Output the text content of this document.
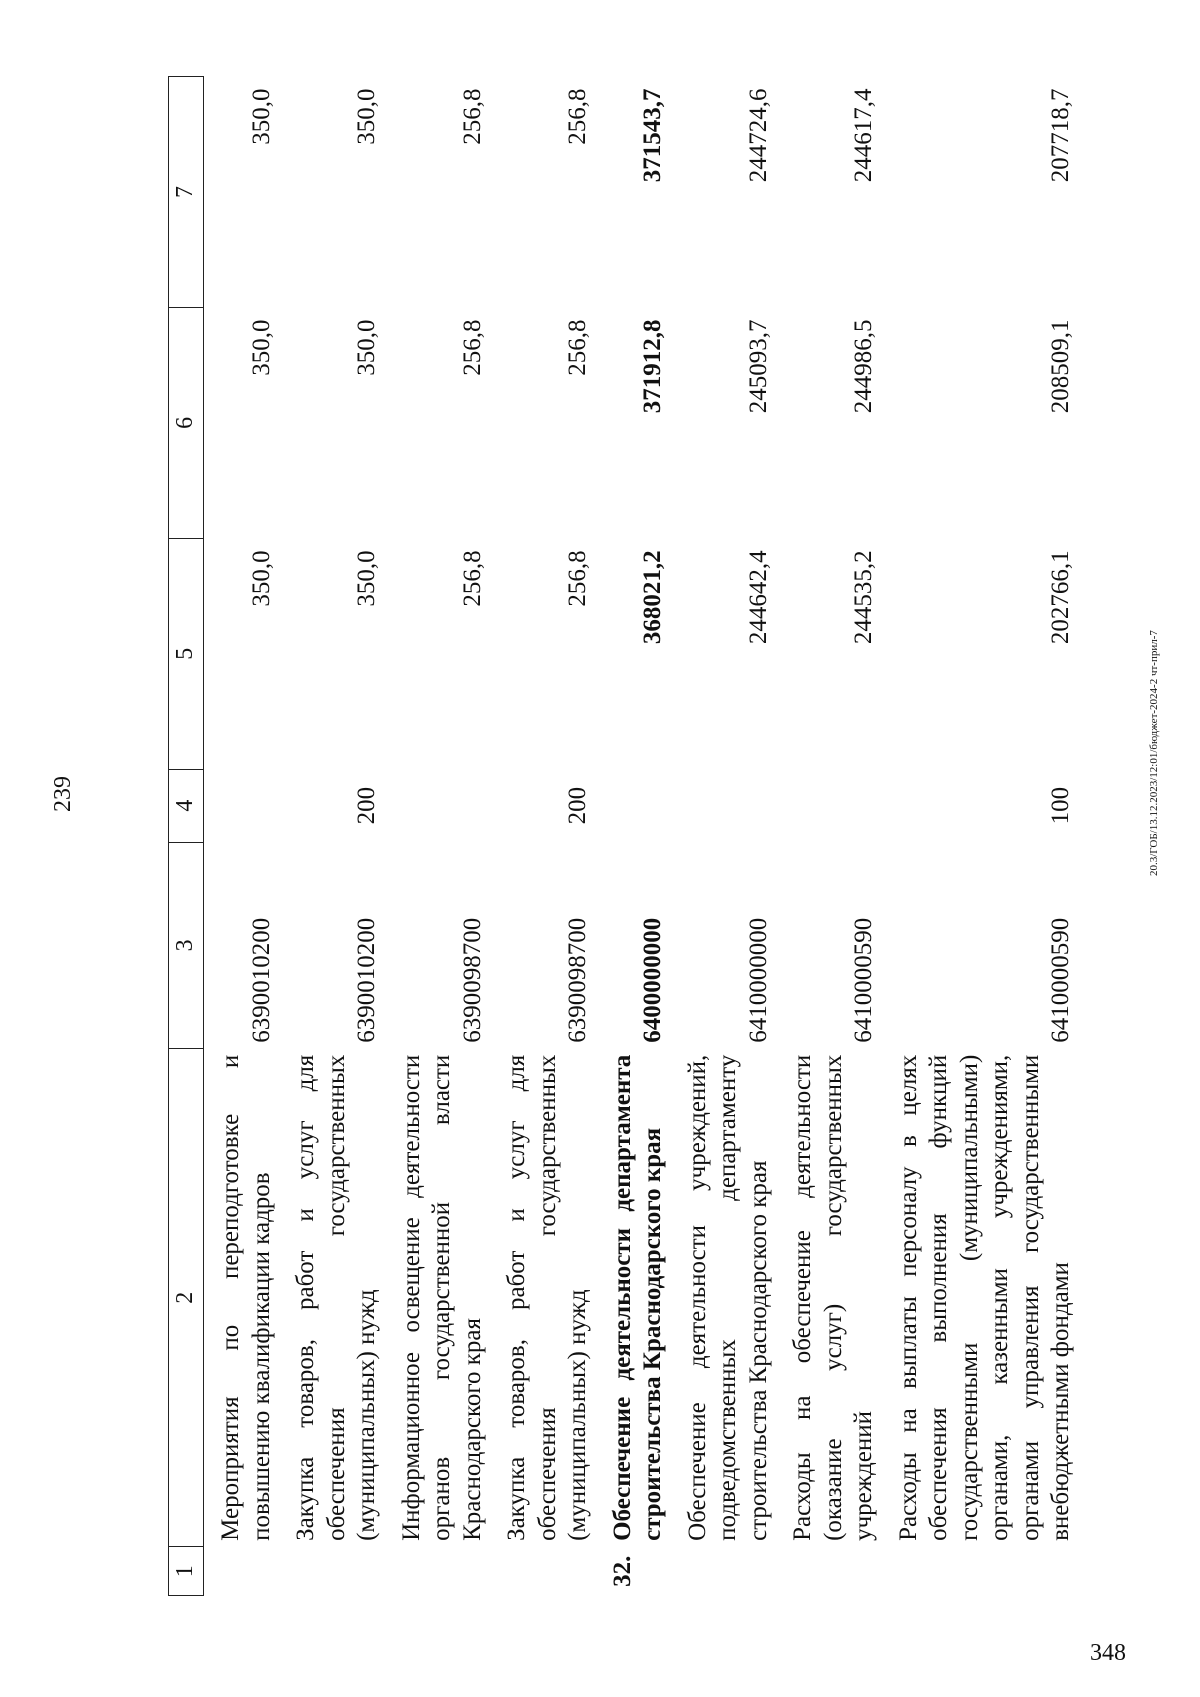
239
1	2	3	4	5	6	7
	Мероприятия по переподготовке и повышению квалификации кадров	6390010200		350,0	350,0	350,0
	Закупка товаров, работ и услуг для обеспечения государственных (муниципальных) нужд	6390010200	200	350,0	350,0	350,0
	Информационное освещение деятельности органов государственной власти Краснодарского края	6390098700		256,8	256,8	256,8
	Закупка товаров, работ и услуг для обеспечения государственных (муниципальных) нужд	6390098700	200	256,8	256,8	256,8
32.	Обеспечение деятельности департамента строительства Краснодарского края	6400000000		368021,2	371912,8	371543,7
	Обеспечение деятельности учреждений, подведомственных департаменту строительства Краснодарского края	6410000000		244642,4	245093,7	244724,6
	Расходы на обеспечение деятельности (оказание услуг) государственных учреждений	6410000590		244535,2	244986,5	244617,4
	Расходы на выплаты персоналу в целях обеспечения выполнения функций государственными (муниципальными) органами, казенными учреждениями, органами управления государственными внебюджетными фондами	6410000590	100	202766,1	208509,1	207718,7
20.3/ГОБ/13.12.2023/12:01/бюджет-2024-2 чт-прил-7
348
